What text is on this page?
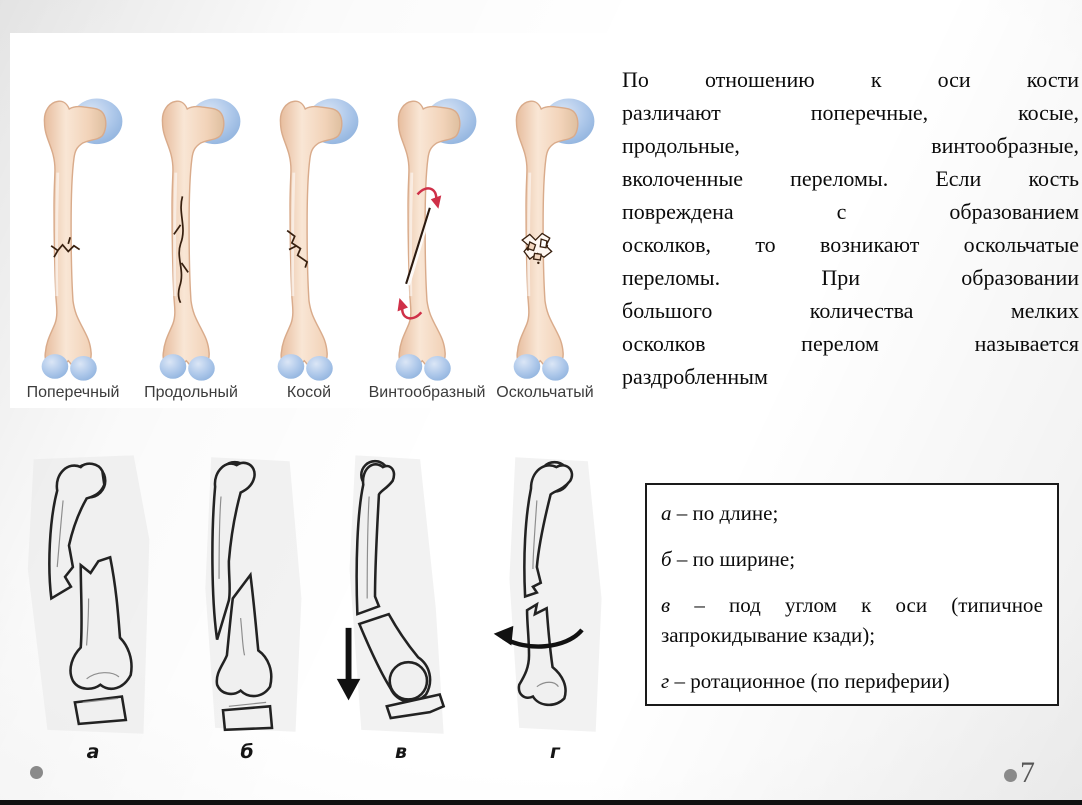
Поперечный Продольный	Косой Винтообразный Оскольчатый
По отношению к оси кости
различают поперечные, косые,
продольные, винтообразные,
вколоченные переломы. Если кость
повреждена с образованием
осколков, то возникают оскольчатые
переломы. При образовании
большого количества мелких
осколков перелом называется
раздробленным
а	б	в	г
а – по длине;
б – по ширине;
в – под углом к оси (типичное запрокидывание кзади);
г – ротационное (по периферии)
7
